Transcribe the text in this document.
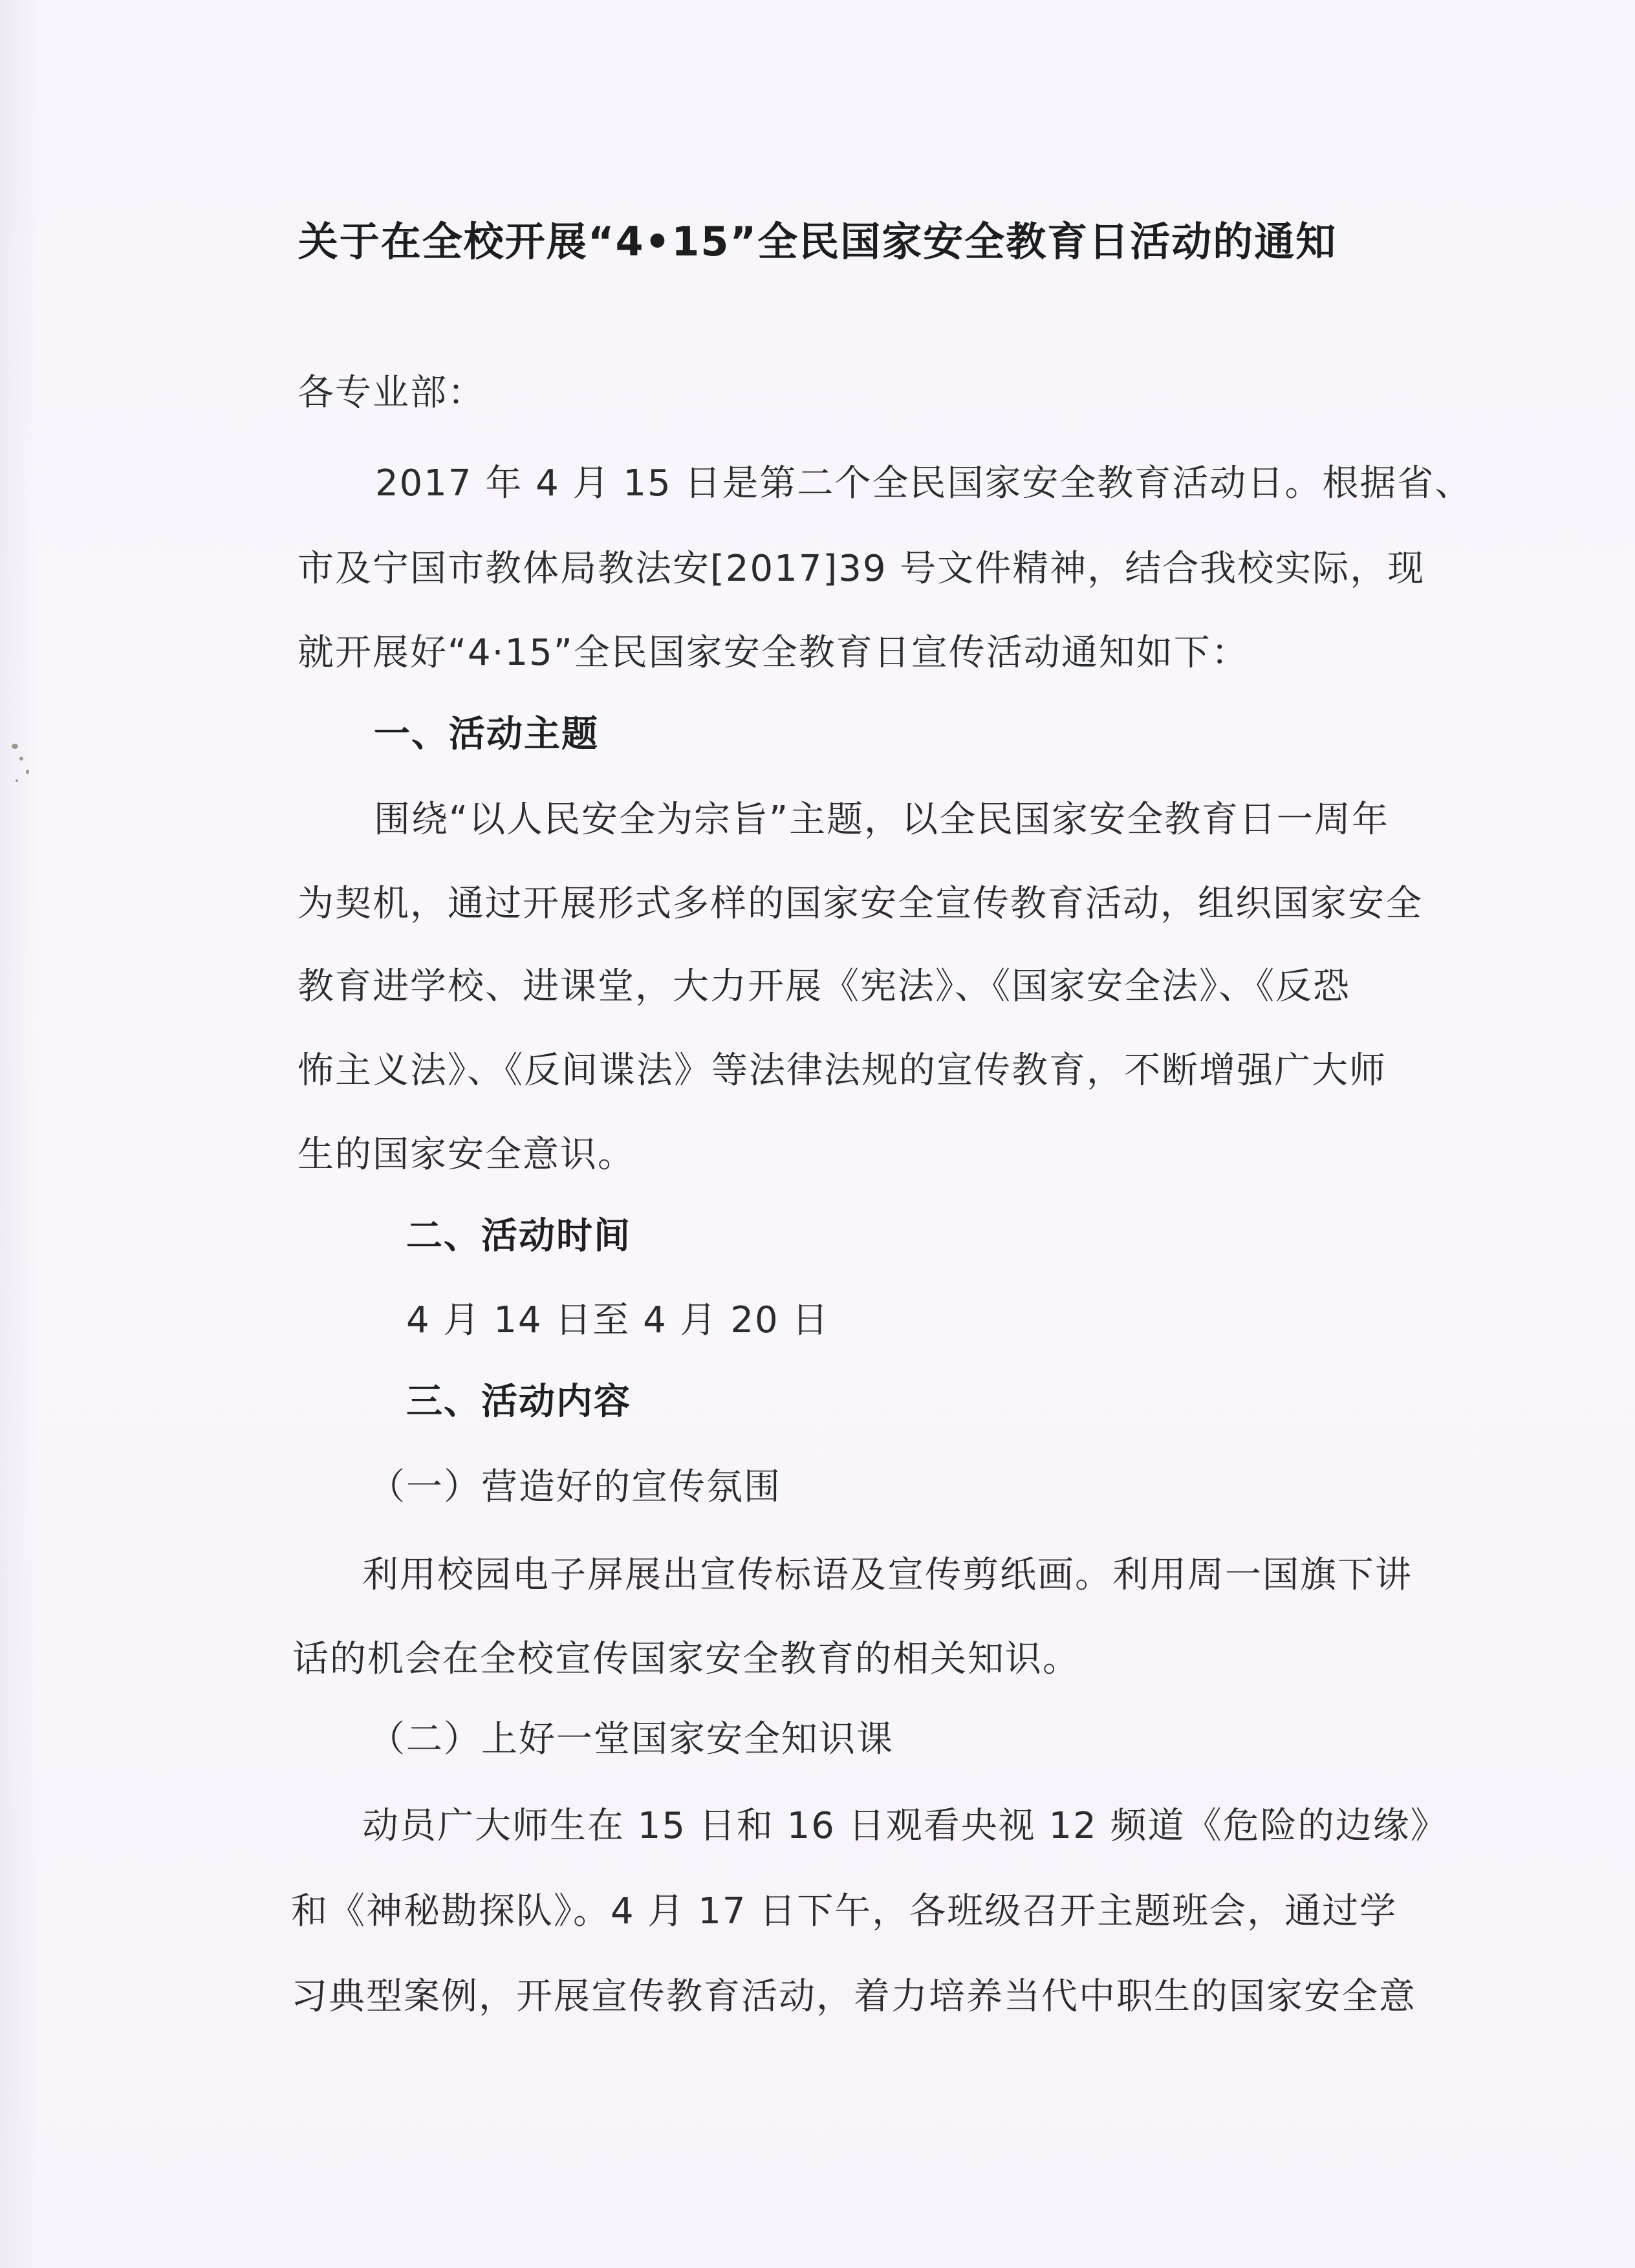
关于在全校开展“4•15”全民国家安全教育日活动的通知
各专业部：
2017 年 4 月 15 日是第二个全民国家安全教育活动日。根据省、
市及宁国市教体局教法安[2017]39 号文件精神，结合我校实际，现
就开展好“4·15”全民国家安全教育日宣传活动通知如下：
一、活动主题
围绕“以人民安全为宗旨”主题，以全民国家安全教育日一周年
为契机，通过开展形式多样的国家安全宣传教育活动，组织国家安全
教育进学校、进课堂，大力开展《宪法》、《国家安全法》、《反恐
怖主义法》、《反间谍法》等法律法规的宣传教育，不断增强广大师
生的国家安全意识。
二、活动时间
4 月 14 日至 4 月 20 日
三、活动内容
（一）营造好的宣传氛围
利用校园电子屏展出宣传标语及宣传剪纸画。利用周一国旗下讲
话的机会在全校宣传国家安全教育的相关知识。
（二）上好一堂国家安全知识课
动员广大师生在 15 日和 16 日观看央视 12 频道《危险的边缘》
和《神秘勘探队》。4 月 17 日下午，各班级召开主题班会，通过学
习典型案例，开展宣传教育活动，着力培养当代中职生的国家安全意
